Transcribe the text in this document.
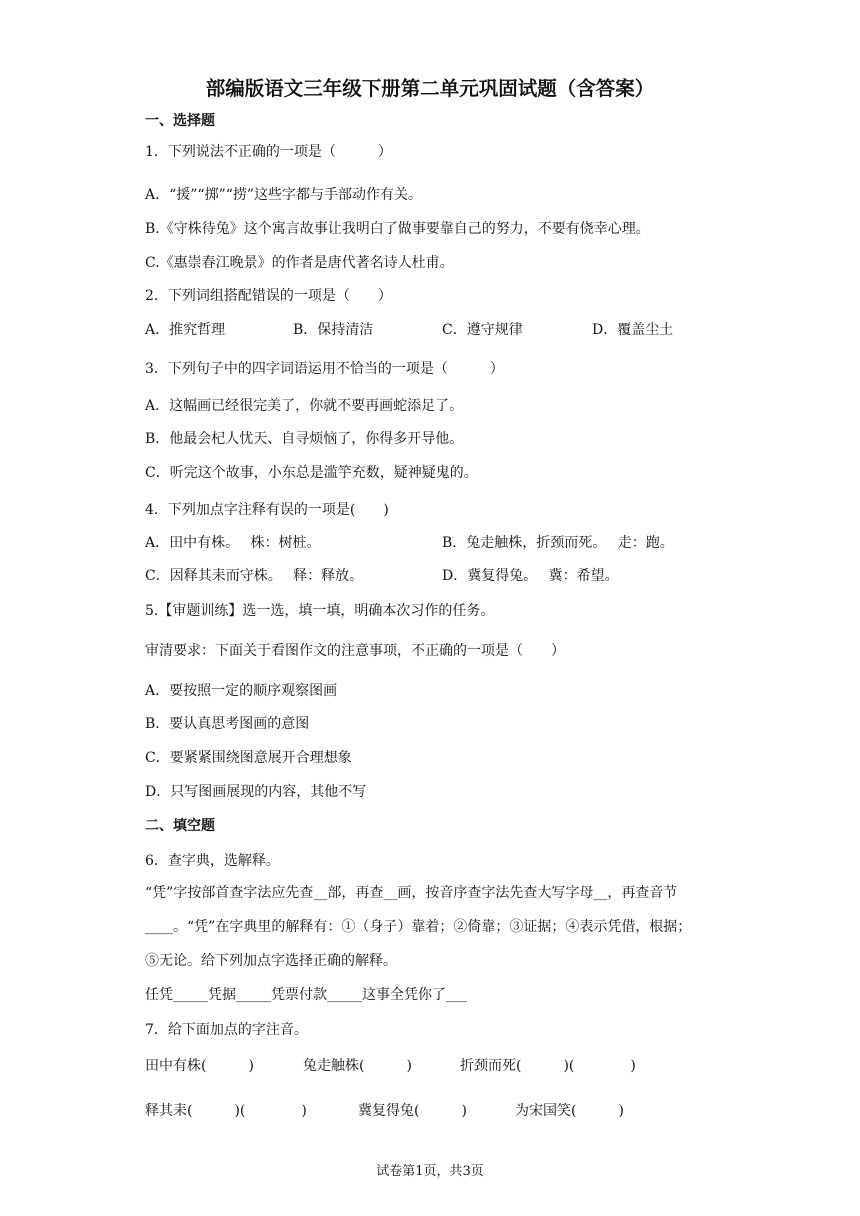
部编版语文三年级下册第二单元巩固试题（含答案）
一、选择题
1．下列说法不正确的一项是（　　　）
A．“援”“掷”“捞”这些字都与手部动作有关。
B.《守株待兔》这个寓言故事让我明白了做事要靠自己的努力，不要有侥幸心理。
C.《惠崇春江晚景》的作者是唐代著名诗人杜甫。
2．下列词组搭配错误的一项是（　　）
A．推究哲理	B．保持清洁	C．遵守规律	D．覆盖尘土
3．下列句子中的四字词语运用不恰当的一项是（　　　）
A．这幅画已经很完美了，你就不要再画蛇添足了。
B．他最会杞人忧天、自寻烦恼了，你得多开导他。
C．听完这个故事，小东总是滥竽充数，疑神疑鬼的。
4．下列加点字注释有误的一项是(　　)
A．田中有株。　 株：树桩。	B．兔走触株，折颈而死。　 走：跑。
C．因释其耒而守株。　 释：释放。	D．冀复得兔。　 冀：希望。
5.【审题训练】选一选，填一填，明确本次习作的任务。
审清要求：下面关于看图作文的注意事项，不正确的一项是（　　）
A．要按照一定的顺序观察图画
B．要认真思考图画的意图
C．要紧紧围绕图意展开合理想象
D．只写图画展现的内容，其他不写
二、填空题
6．查字典，选解释。
“凭”字按部首查字法应先查__部，再查__画，按音序查字法先查大写字母__，再查音节
____。“凭”在字典里的解释有：①（身子）靠着；②倚靠；③证据；④表示凭借，根据；
⑤无论。给下列加点字选择正确的解释。
任凭_____凭据_____凭票付款_____这事全凭你了___
7．给下面加点的字注音。
田中有株(　　　)	兔走触株(　　　)	折颈而死(　　　)(　　　　)
释其耒(　　　)(　　　　)	冀复得兔(　　　)	为宋国笑(　　　)
试卷第1页，共3页
